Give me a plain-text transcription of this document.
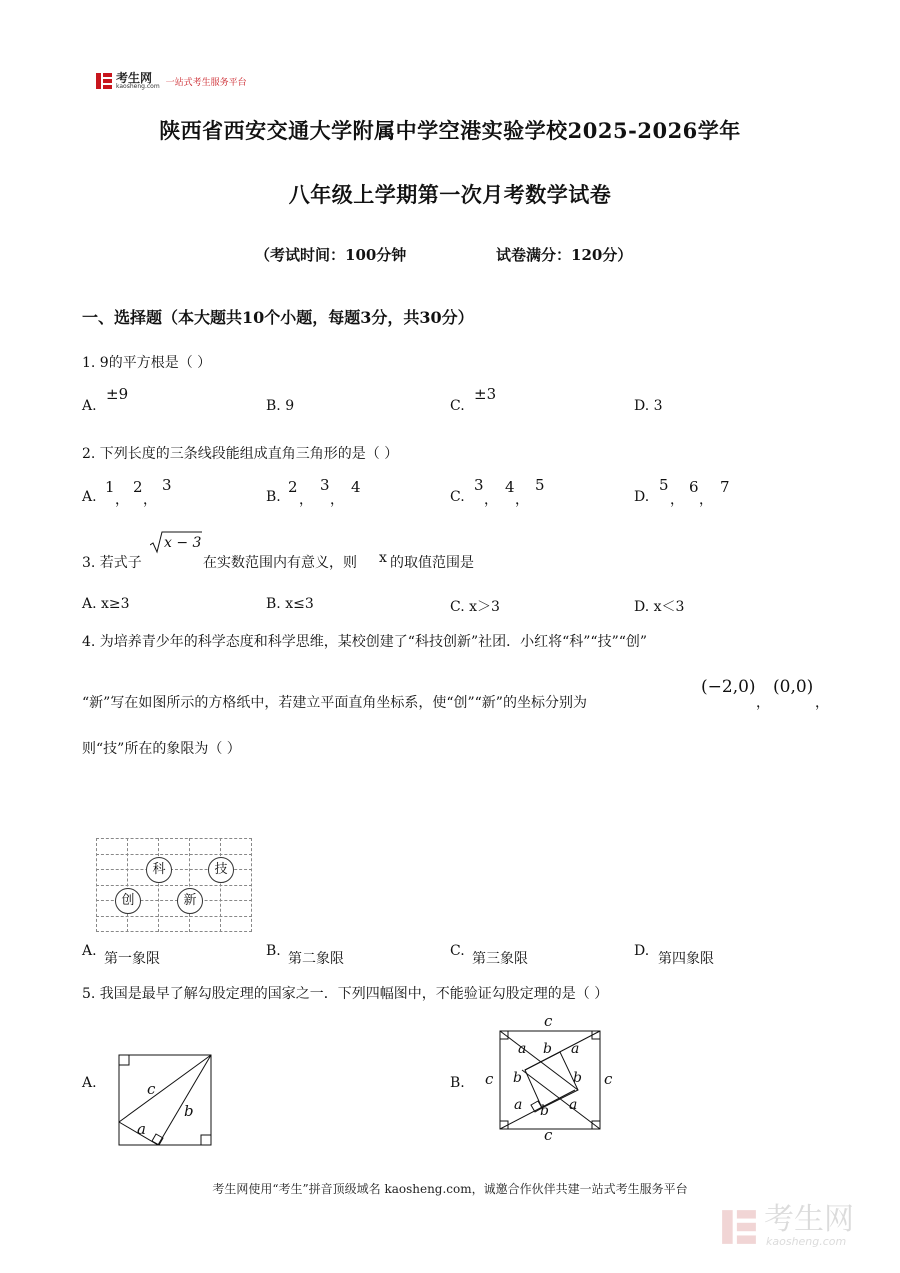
考生网
kaosheng.com 一站式考生服务平台
陕西省西安交通大学附属中学空港实验学校2025-2026学年
八年级上学期第一次月考数学试卷
（考试时间：100分钟	试卷满分：120分）
一、选择题（本大题共10个小题，每题3分，共30分）
1. 9的平方根是（ ）
A.
±9
B. 9	C.
±3
D. 3
2. 下列长度的三条线段能组成直角三角形的是（ ）
A.
1
，
2
，
3
B.
2
，
3
，
4
C.
3
，
4
，
5
D.
5
，
6
，
7
3. 若式子
x − 3
在实数范围内有意义，则 x 的取值范围是
A. x≥3	B. x≤3	C. x＞3	D. x＜3
4. 为培养青少年的科学态度和科学思维，某校创建了“科技创新”社团．小红将“科”“技”“创”
“新”写在如图所示的方格纸中，若建立平面直角坐标系，使“创”“新”的坐标分别为
(−2,0)
，
(0,0)
，
则“技”所在的象限为（ ）
科	技
创	新
A. 第一象限	B. 第二象限	C. 第三象限	D. 第四象限
5. 我国是最早了解勾股定理的国家之一．下列四幅图中，不能验证勾股定理的是（ ）
A.	c
b
a
B.
c
c
c	c
a b a
b	b
a b a
考生网使用“考生”拼音顶级域名 kaosheng.com，诚邀合作伙伴共建一站式考生服务平台
考生网
kaosheng.com
